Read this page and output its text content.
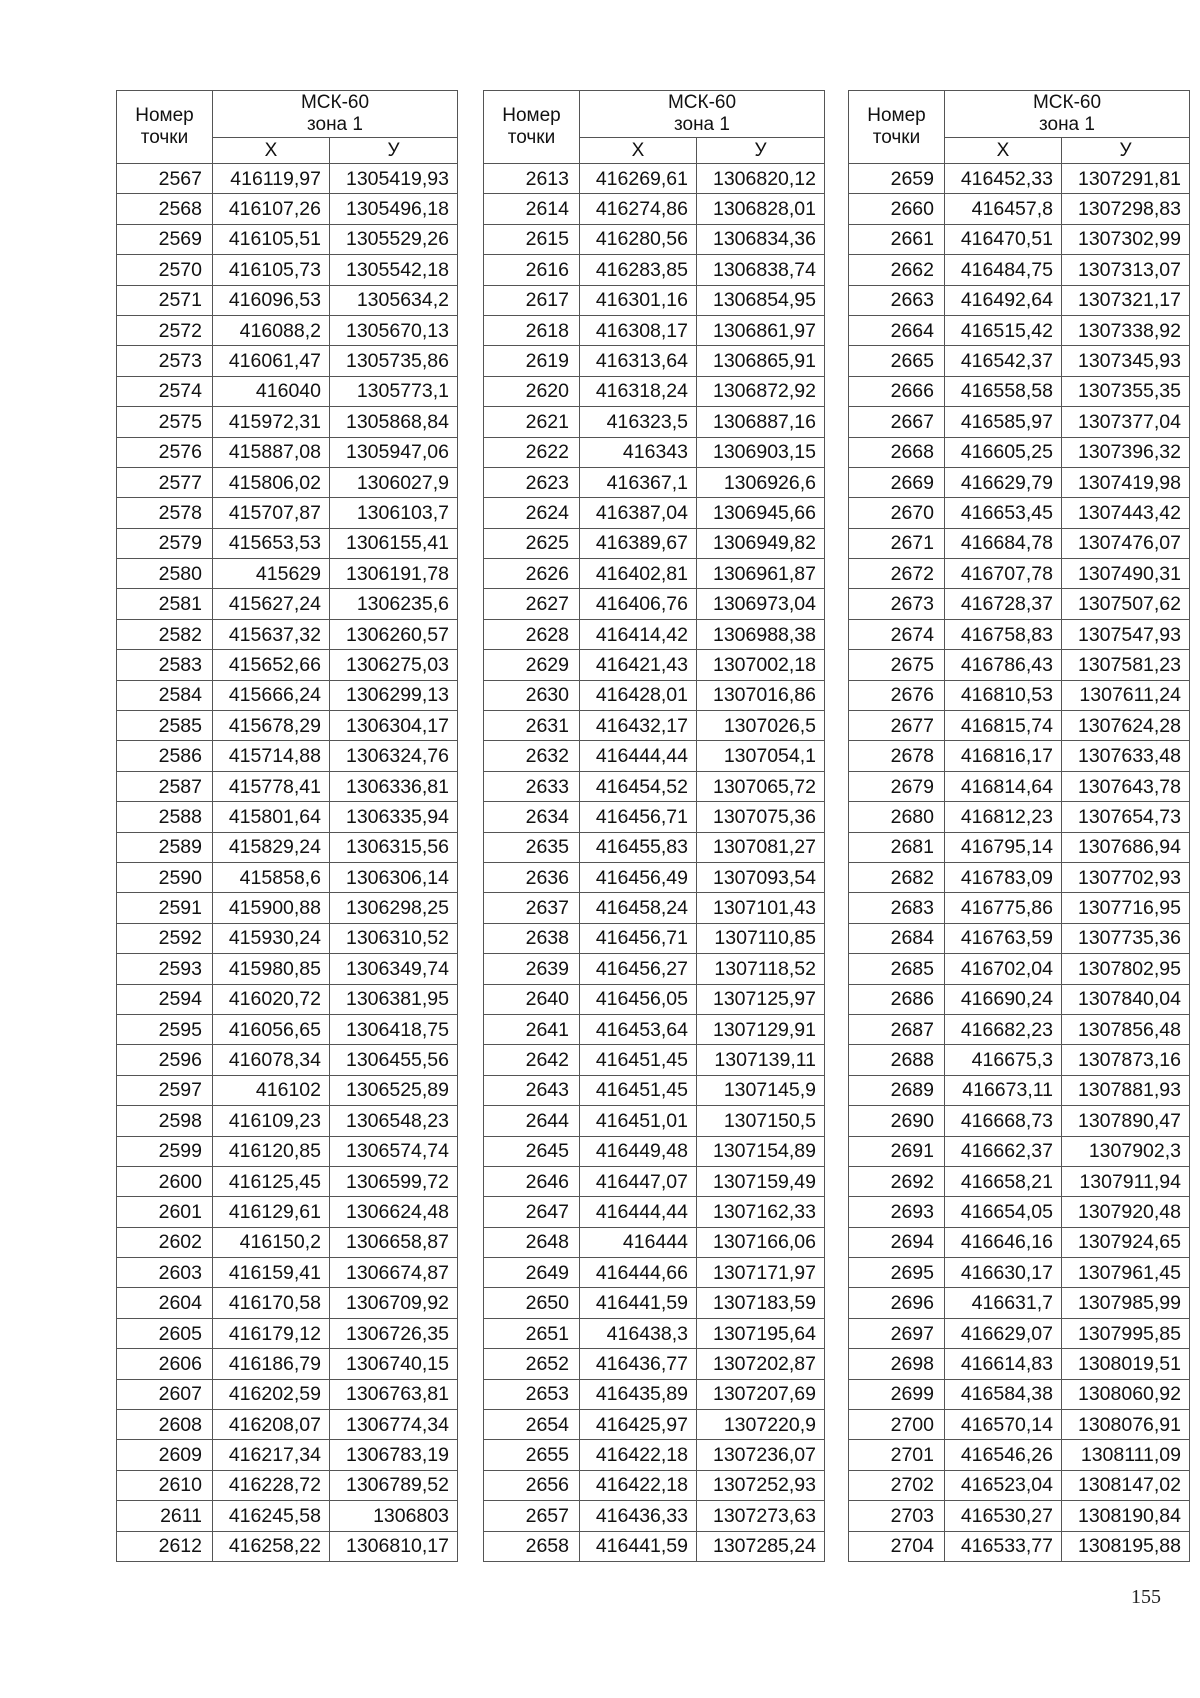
Номер точки	МСК-60
зона 1	

	Х	У
2567	416119,97	1305419,93
2568	416107,26	1305496,18
2569	416105,51	1305529,26
2570	416105,73	1305542,18
2571	416096,53	1305634,2
2572	416088,2	1305670,13
2573	416061,47	1305735,86
2574	416040	1305773,1
2575	415972,31	1305868,84
2576	415887,08	1305947,06
2577	415806,02	1306027,9
2578	415707,87	1306103,7
2579	415653,53	1306155,41
2580	415629	1306191,78
2581	415627,24	1306235,6
2582	415637,32	1306260,57
2583	415652,66	1306275,03
2584	415666,24	1306299,13
2585	415678,29	1306304,17
2586	415714,88	1306324,76
2587	415778,41	1306336,81
2588	415801,64	1306335,94
2589	415829,24	1306315,56
2590	415858,6	1306306,14
2591	415900,88	1306298,25
2592	415930,24	1306310,52
2593	415980,85	1306349,74
2594	416020,72	1306381,95
2595	416056,65	1306418,75
2596	416078,34	1306455,56
2597	416102	1306525,89
2598	416109,23	1306548,23
2599	416120,85	1306574,74
2600	416125,45	1306599,72
2601	416129,61	1306624,48
2602	416150,2	1306658,87
2603	416159,41	1306674,87
2604	416170,58	1306709,92
2605	416179,12	1306726,35
2606	416186,79	1306740,15
2607	416202,59	1306763,81
2608	416208,07	1306774,34
2609	416217,34	1306783,19
2610	416228,72	1306789,52
2611	416245,58	1306803
2612	416258,22	1306810,17
Номер точки	МСК-60
зона 1	

	Х	У
2613	416269,61	1306820,12
2614	416274,86	1306828,01
2615	416280,56	1306834,36
2616	416283,85	1306838,74
2617	416301,16	1306854,95
2618	416308,17	1306861,97
2619	416313,64	1306865,91
2620	416318,24	1306872,92
2621	416323,5	1306887,16
2622	416343	1306903,15
2623	416367,1	1306926,6
2624	416387,04	1306945,66
2625	416389,67	1306949,82
2626	416402,81	1306961,87
2627	416406,76	1306973,04
2628	416414,42	1306988,38
2629	416421,43	1307002,18
2630	416428,01	1307016,86
2631	416432,17	1307026,5
2632	416444,44	1307054,1
2633	416454,52	1307065,72
2634	416456,71	1307075,36
2635	416455,83	1307081,27
2636	416456,49	1307093,54
2637	416458,24	1307101,43
2638	416456,71	1307110,85
2639	416456,27	1307118,52
2640	416456,05	1307125,97
2641	416453,64	1307129,91
2642	416451,45	1307139,11
2643	416451,45	1307145,9
2644	416451,01	1307150,5
2645	416449,48	1307154,89
2646	416447,07	1307159,49
2647	416444,44	1307162,33
2648	416444	1307166,06
2649	416444,66	1307171,97
2650	416441,59	1307183,59
2651	416438,3	1307195,64
2652	416436,77	1307202,87
2653	416435,89	1307207,69
2654	416425,97	1307220,9
2655	416422,18	1307236,07
2656	416422,18	1307252,93
2657	416436,33	1307273,63
2658	416441,59	1307285,24
Номер точки	МСК-60
зона 1	

	Х	У
2659	416452,33	1307291,81
2660	416457,8	1307298,83
2661	416470,51	1307302,99
2662	416484,75	1307313,07
2663	416492,64	1307321,17
2664	416515,42	1307338,92
2665	416542,37	1307345,93
2666	416558,58	1307355,35
2667	416585,97	1307377,04
2668	416605,25	1307396,32
2669	416629,79	1307419,98
2670	416653,45	1307443,42
2671	416684,78	1307476,07
2672	416707,78	1307490,31
2673	416728,37	1307507,62
2674	416758,83	1307547,93
2675	416786,43	1307581,23
2676	416810,53	1307611,24
2677	416815,74	1307624,28
2678	416816,17	1307633,48
2679	416814,64	1307643,78
2680	416812,23	1307654,73
2681	416795,14	1307686,94
2682	416783,09	1307702,93
2683	416775,86	1307716,95
2684	416763,59	1307735,36
2685	416702,04	1307802,95
2686	416690,24	1307840,04
2687	416682,23	1307856,48
2688	416675,3	1307873,16
2689	416673,11	1307881,93
2690	416668,73	1307890,47
2691	416662,37	1307902,3
2692	416658,21	1307911,94
2693	416654,05	1307920,48
2694	416646,16	1307924,65
2695	416630,17	1307961,45
2696	416631,7	1307985,99
2697	416629,07	1307995,85
2698	416614,83	1308019,51
2699	416584,38	1308060,92
2700	416570,14	1308076,91
2701	416546,26	1308111,09
2702	416523,04	1308147,02
2703	416530,27	1308190,84
2704	416533,77	1308195,88
155
